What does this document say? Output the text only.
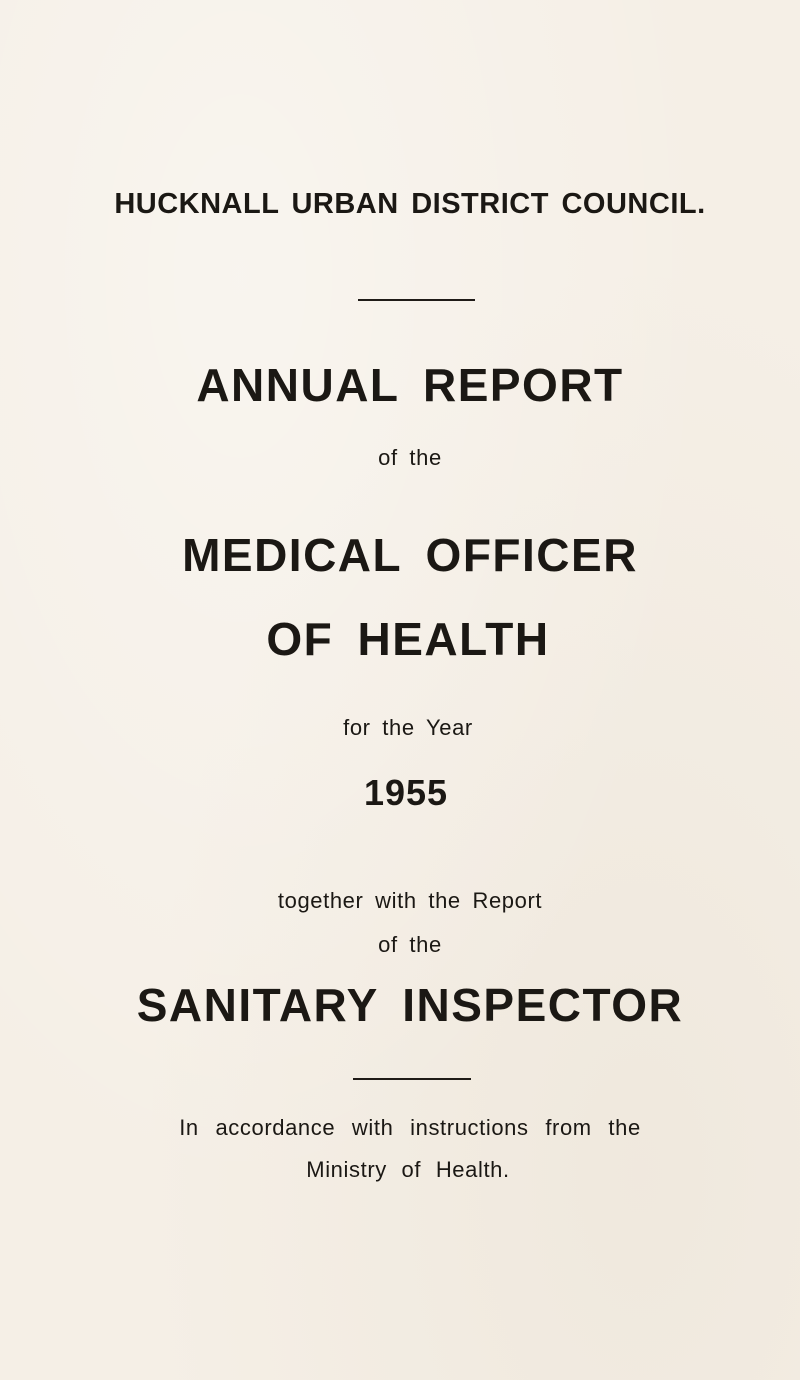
HUCKNALL URBAN DISTRICT COUNCIL.
ANNUAL REPORT
of the
MEDICAL OFFICER
OF HEALTH
for the Year
1955
together with the Report
of the
SANITARY INSPECTOR
In accordance with instructions from the
Ministry of Health.
